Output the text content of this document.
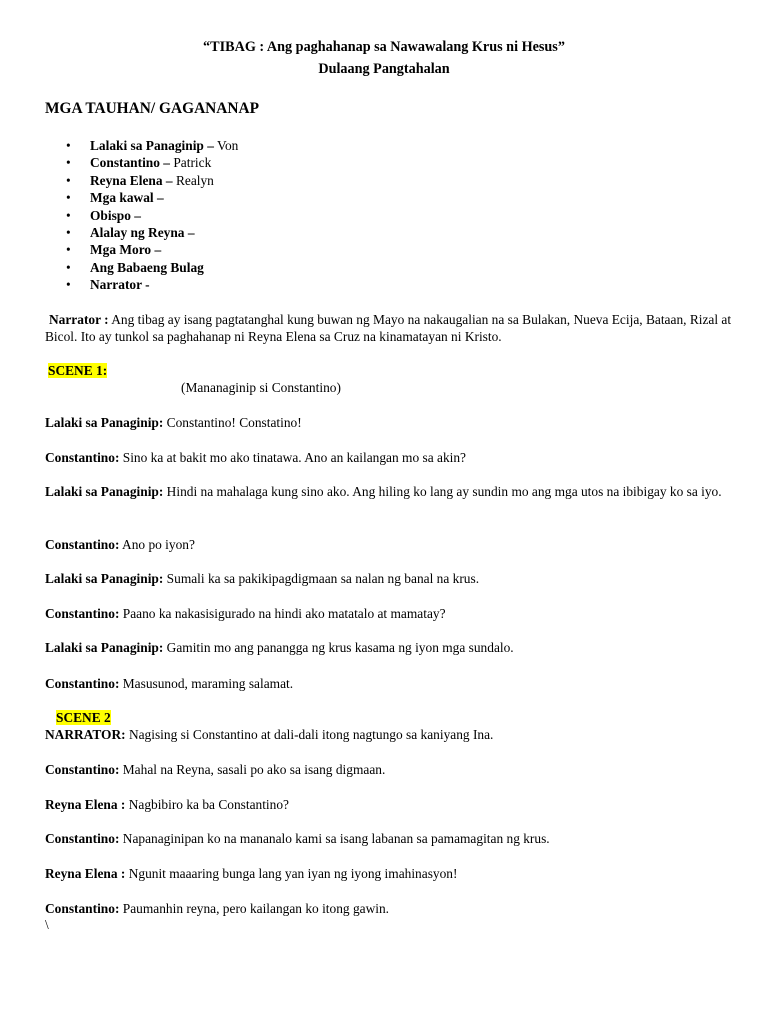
“TIBAG : Ang paghahanap sa Nawawalang Krus ni Hesus”
Dulaang Pangtahalan
MGA TAUHAN/ GAGANANAP
• Lalaki sa Panaginip – Von
• Constantino – Patrick
• Reyna Elena – Realyn
• Mga kawal –
• Obispo –
• Alalay ng Reyna –
• Mga Moro –
• Ang Babaeng Bulag
• Narrator -
Narrator : Ang tibag ay isang pagtatanghal kung buwan ng Mayo na nakaugalian na sa Bulakan, Nueva Ecija, Bataan, Rizal at Bicol. Ito ay tunkol sa paghahanap ni Reyna Elena sa Cruz na kinamatayan ni Kristo.
SCENE 1:
(Mananaginip si Constantino)
Lalaki sa Panaginip: Constantino! Constatino!
Constantino: Sino ka at bakit mo ako tinatawa. Ano an kailangan mo sa akin?
Lalaki sa Panaginip: Hindi na mahalaga kung sino ako. Ang hiling ko lang ay sundin mo ang mga utos na ibibigay ko sa iyo.
Constantino: Ano po iyon?
Lalaki sa Panaginip: Sumali ka sa pakikipagdigmaan sa nalan ng banal na krus.
Constantino: Paano ka nakasisigurado na hindi ako matatalo at mamatay?
Lalaki sa Panaginip: Gamitin mo ang panangga ng krus kasama ng iyon mga sundalo.
Constantino: Masusunod, maraming salamat.
SCENE 2
NARRATOR: Nagising si Constantino at dali-dali itong nagtungo sa kaniyang Ina.
Constantino: Mahal na Reyna, sasali po ako sa isang digmaan.
Reyna Elena : Nagbibiro ka ba Constantino?
Constantino: Napanaginipan ko na mananalo kami sa isang labanan sa pamamagitan ng krus.
Reyna Elena : Ngunit maaaring bunga lang yan iyan ng iyong imahinasyon!
Constantino: Paumanhin reyna, pero kailangan ko itong gawin.
\
